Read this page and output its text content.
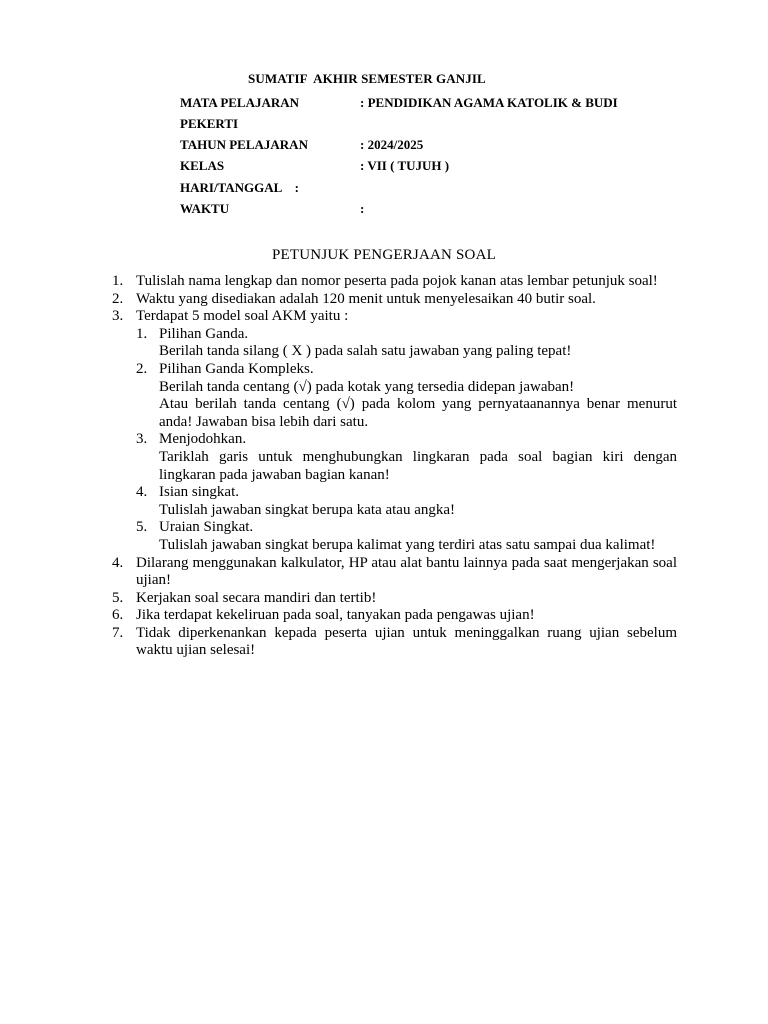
SUMATIF  AKHIR SEMESTER GANJIL
MATA PELAJARAN	: PENDIDIKAN AGAMA KATOLIK & BUDI
PEKERTI
TAHUN PELAJARAN	: 2024/2025
KELAS	: VII ( TUJUH )
HARI/TANGGAL    :
WAKTU	:
PETUNJUK PENGERJAAN SOAL
1. Tulislah nama lengkap dan nomor peserta pada pojok kanan atas lembar petunjuk soal!
2. Waktu yang disediakan adalah 120 menit untuk menyelesaikan 40 butir soal.
3. Terdapat 5 model soal AKM yaitu :
1. Pilihan Ganda.
Berilah tanda silang ( X ) pada salah satu jawaban yang paling tepat!
2. Pilihan Ganda Kompleks.
Berilah tanda centang (√) pada kotak yang tersedia didepan jawaban!
Atau berilah tanda centang (√) pada kolom yang pernyataanannya benar menurut anda! Jawaban bisa lebih dari satu.
3. Menjodohkan.
Tariklah garis untuk menghubungkan lingkaran pada soal bagian kiri dengan lingkaran pada jawaban bagian kanan!
4. Isian singkat.
Tulislah jawaban singkat berupa kata atau angka!
5. Uraian Singkat.
Tulislah jawaban singkat berupa kalimat yang terdiri atas satu sampai dua kalimat!
4. Dilarang menggunakan kalkulator, HP atau alat bantu lainnya pada saat mengerjakan soal ujian!
5. Kerjakan soal secara mandiri dan tertib!
6. Jika terdapat kekeliruan pada soal, tanyakan pada pengawas ujian!
7. Tidak diperkenankan kepada peserta ujian untuk meninggalkan ruang ujian sebelum waktu ujian selesai!
